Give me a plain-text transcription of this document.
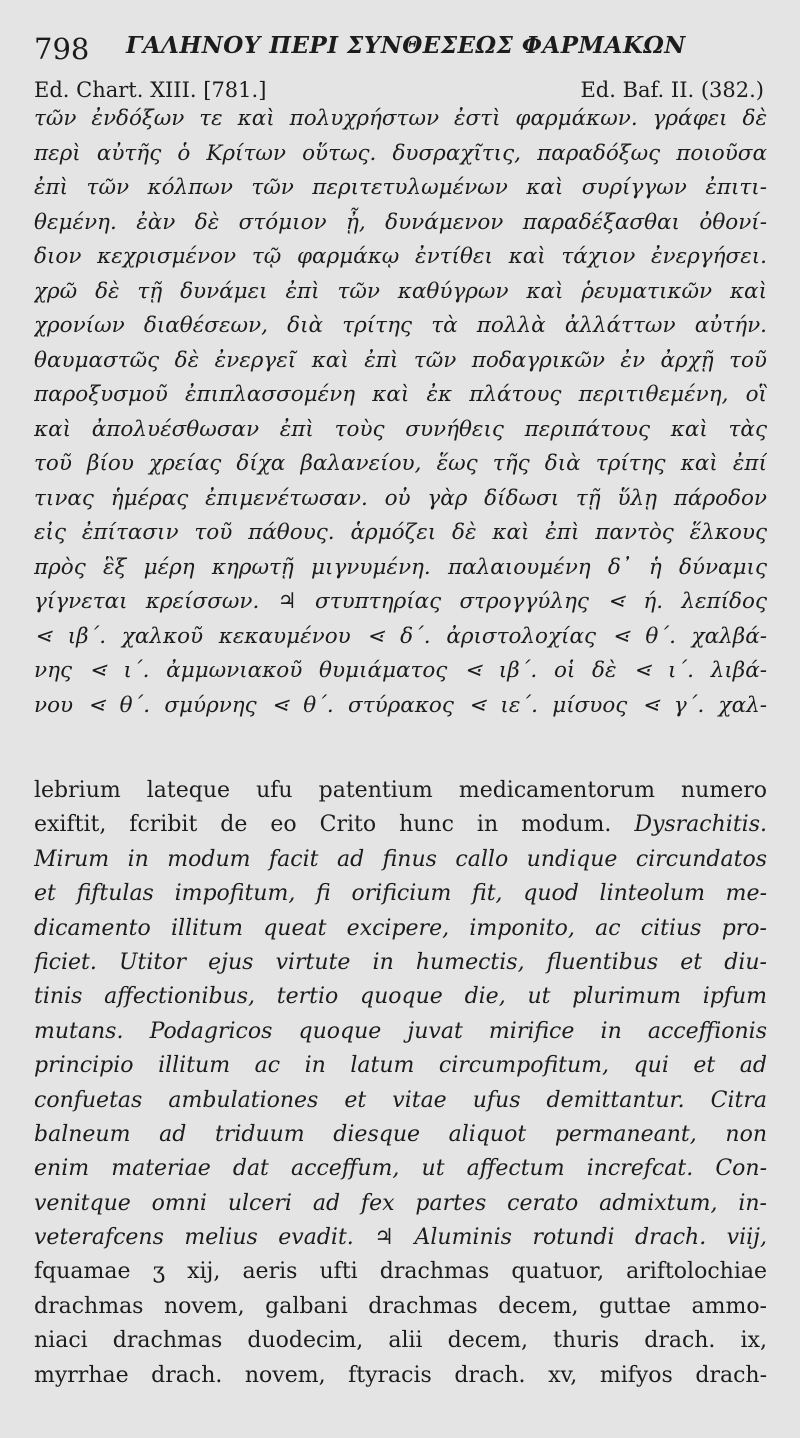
798 ΓΑΛΗΝΟΥ ΠΕΡΙ ΣΥΝΘΕΣΕΩΣ ΦΑΡΜΑΚΩΝ
Ed. Chart. XIII. [781.]	Ed. Baf. II. (382.)
τῶν ἐνδόξων τε καὶ πολυχρήστων ἐστὶ φαρμάκων. γράφει δὲ
περὶ αὐτῆς ὁ Κρίτων οὕτως. δυσραχῖτις, παραδόξως ποιοῦσα
ἐπὶ τῶν κόλπων τῶν περιτετυλωμένων καὶ συρίγγων ἐπιτι-
θεμένη. ἐὰν δὲ στόμιον ᾖ, δυνάμενον παραδέξασθαι ὀθονί-
διον κεχρισμένον τῷ φαρμάκῳ ἐντίθει καὶ τάχιον ἐνεργήσει.
χρῶ δὲ τῇ δυνάμει ἐπὶ τῶν καθύγρων καὶ ῥευματικῶν καὶ
χρονίων διαθέσεων, διὰ τρίτης τὰ πολλὰ ἀλλάττων αὐτήν.
θαυμαστῶς δὲ ἐνεργεῖ καὶ ἐπὶ τῶν ποδαγρικῶν ἐν ἀρχῇ τοῦ
παροξυσμοῦ ἐπιπλασσομένη καὶ ἐκ πλάτους περιτιθεμένη, οἳ
καὶ ἀπολυέσθωσαν ἐπὶ τοὺς συνήθεις περιπάτους καὶ τὰς
τοῦ βίου χρείας δίχα βαλανείου, ἕως τῆς διὰ τρίτης καὶ ἐπί
τινας ἡμέρας ἐπιμενέτωσαν. οὐ γὰρ δίδωσι τῇ ὕλῃ πάροδον
εἰς ἐπίτασιν τοῦ πάθους. ἁρμόζει δὲ καὶ ἐπὶ παντὸς ἕλκους
πρὸς ἓξ μέρη κηρωτῇ μιγνυμένη. παλαιουμένη δ᾽ ἡ δύναμις
γίγνεται κρείσσων. ♃ στυπτηρίας στρογγύλης ⋖ ή. λεπίδος
⋖ ιβ΄. χαλκοῦ κεκαυμένου ⋖ δ΄. ἀριστολοχίας ⋖ θ΄. χαλβά-
νης ⋖ ι΄. ἀμμωνιακοῦ θυμιάματος ⋖ ιβ΄. οἱ δὲ ⋖ ι΄. λιβά-
νου ⋖ θ΄. σμύρνης ⋖ θ΄. στύρακος ⋖ ιε΄. μίσυος ⋖ γ΄. χαλ-
lebrium lateque ufu patentium medicamentorum numero
exiftit, fcribit de eo Crito hunc in modum. Dysrachitis.
Mirum in modum facit ad finus callo undique circundatos
et fiftulas impofitum, fi orificium fit, quod linteolum me-
dicamento illitum queat excipere, imponito, ac citius pro-
ficiet. Utitor ejus virtute in humectis, fluentibus et diu-
tinis affectionibus, tertio quoque die, ut plurimum ipfum
mutans. Podagricos quoque juvat mirifice in acceffionis
principio illitum ac in latum circumpofitum, qui et ad
confuetas ambulationes et vitae ufus demittantur. Citra
balneum ad triduum diesque aliquot permaneant, non
enim materiae dat acceffum, ut affectum increfcat. Con-
venitque omni ulceri ad fex partes cerato admixtum, in-
veterafcens melius evadit. ♃ Aluminis rotundi drach. viij,
fquamae ʒ xij, aeris ufti drachmas quatuor, ariftolochiae
drachmas novem, galbani drachmas decem, guttae ammo-
niaci drachmas duodecim, alii decem, thuris drach. ix,
myrrhae drach. novem, ftyracis drach. xv, mifyos drach-
